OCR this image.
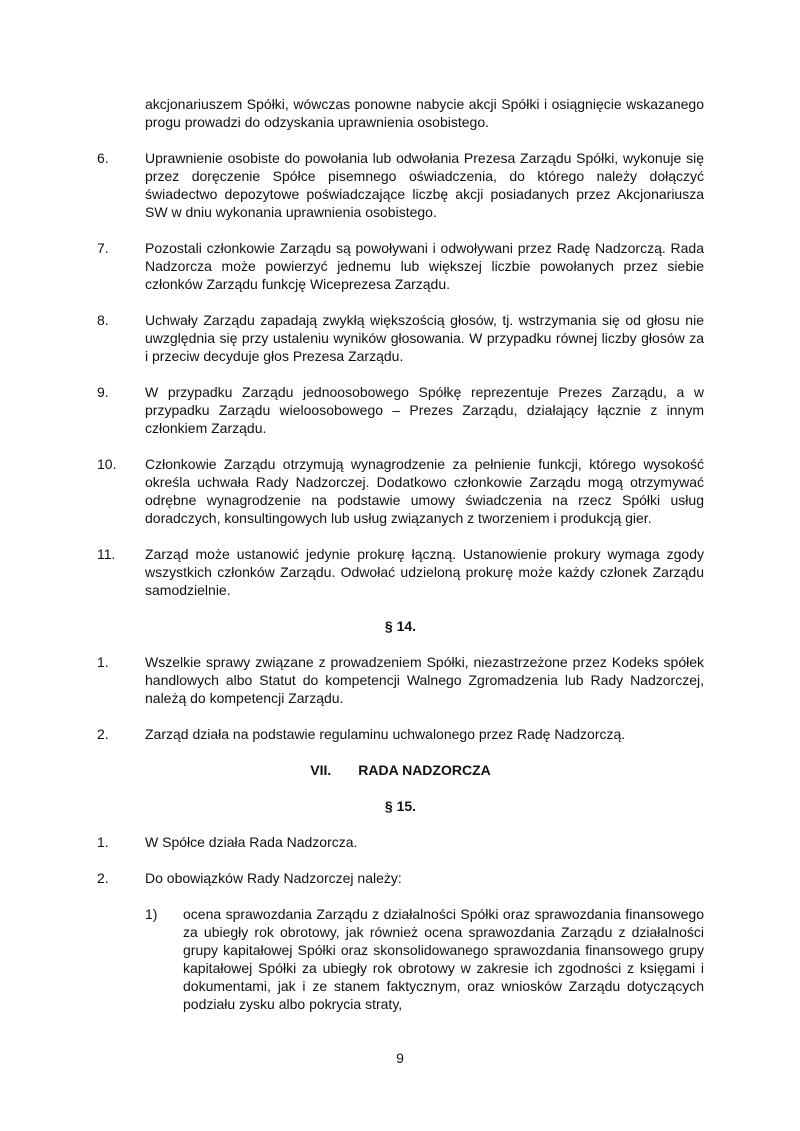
akcjonariuszem Spółki, wówczas ponowne nabycie akcji Spółki i osiągnięcie wskazanego progu prowadzi do odzyskania uprawnienia osobistego.

6.	Uprawnienie osobiste do powołania lub odwołania Prezesa Zarządu Spółki, wykonuje się przez doręczenie Spółce pisemnego oświadczenia, do którego należy dołączyć świadectwo depozytowe poświadczające liczbę akcji posiadanych przez Akcjonariusza SW w dniu wykonania uprawnienia osobistego.
7.	Pozostali członkowie Zarządu są powoływani i odwoływani przez Radę Nadzorczą. Rada Nadzorcza może powierzyć jednemu lub większej liczbie powołanych przez siebie członków Zarządu funkcję Wiceprezesa Zarządu.
8.	Uchwały Zarządu zapadają zwykłą większością głosów, tj. wstrzymania się od głosu nie uwzględnia się przy ustaleniu wyników głosowania. W przypadku równej liczby głosów za i przeciw decyduje głos Prezesa Zarządu.
9.	W przypadku Zarządu jednoosobowego Spółkę reprezentuje Prezes Zarządu, a w przypadku Zarządu wieloosobowego – Prezes Zarządu, działający łącznie z innym członkiem Zarządu.
10.	Członkowie Zarządu otrzymują wynagrodzenie za pełnienie funkcji, którego wysokość określa uchwała Rady Nadzorczej. Dodatkowo członkowie Zarządu mogą otrzymywać odrębne wynagrodzenie na podstawie umowy świadczenia na rzecz Spółki usług doradczych, konsultingowych lub usług związanych z tworzeniem i produkcją gier.
11.	Zarząd może ustanowić jedynie prokurę łączną. Ustanowienie prokury wymaga zgody wszystkich członków Zarządu. Odwołać udzieloną prokurę może każdy członek Zarządu samodzielnie.
§ 14.
1.	Wszelkie sprawy związane z prowadzeniem Spółki, niezastrzeżone przez Kodeks spółek handlowych albo Statut do kompetencji Walnego Zgromadzenia lub Rady Nadzorczej, należą do kompetencji Zarządu.
2.	Zarząd działa na podstawie regulaminu uchwalonego przez Radę Nadzorczą.
VII. RADA NADZORCZA
§ 15.
1.	W Spółce działa Rada Nadzorcza.
2.	Do obowiązków Rady Nadzorczej należy:
1)	ocena sprawozdania Zarządu z działalności Spółki oraz sprawozdania finansowego za ubiegły rok obrotowy, jak również ocena sprawozdania Zarządu z działalności grupy kapitałowej Spółki oraz skonsolidowanego sprawozdania finansowego grupy kapitałowej Spółki za ubiegły rok obrotowy w zakresie ich zgodności z księgami i dokumentami, jak i ze stanem faktycznym, oraz wniosków Zarządu dotyczących podziału zysku albo pokrycia straty,
9
